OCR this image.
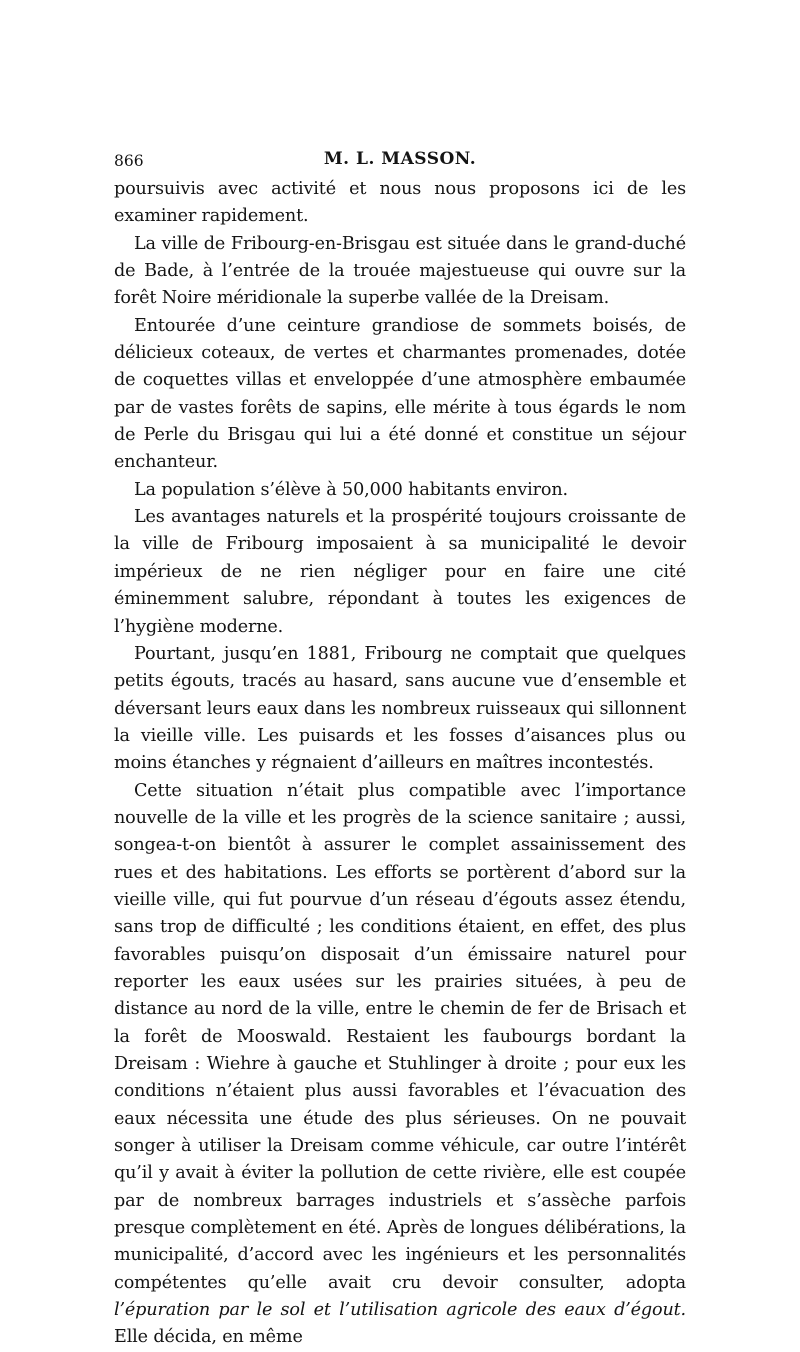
866	M. L. MASSON.

poursuivis avec activité et nous nous proposons ici de les examiner rapidement.

La ville de Fribourg-en-Brisgau est située dans le grand-duché de Bade, à l’entrée de la trouée majestueuse qui ouvre sur la forêt Noire méridionale la superbe vallée de la Dreisam.

Entourée d’une ceinture grandiose de sommets boisés, de délicieux coteaux, de vertes et charmantes promenades, dotée de coquettes villas et enveloppée d’une atmosphère embaumée par de vastes forêts de sapins, elle mérite à tous égards le nom de Perle du Brisgau qui lui a été donné et constitue un séjour enchanteur.

La population s’élève à 50,000 habitants environ.

Les avantages naturels et la prospérité toujours croissante de la ville de Fribourg imposaient à sa municipalité le devoir impérieux de ne rien négliger pour en faire une cité éminemment salubre, répondant à toutes les exigences de l’hygiène moderne.

Pourtant, jusqu’en 1881, Fribourg ne comptait que quelques petits égouts, tracés au hasard, sans aucune vue d’ensemble et déversant leurs eaux dans les nombreux ruisseaux qui sillonnent la vieille ville. Les puisards et les fosses d’aisances plus ou moins étanches y régnaient d’ailleurs en maîtres incontestés.

Cette situation n’était plus compatible avec l’importance nouvelle de la ville et les progrès de la science sanitaire ; aussi, songea-t-on bientôt à assurer le complet assainissement des rues et des habitations. Les efforts se portèrent d’abord sur la vieille ville, qui fut pourvue d’un réseau d’égouts assez étendu, sans trop de difficulté ; les conditions étaient, en effet, des plus favorables puisqu’on disposait d’un émissaire naturel pour reporter les eaux usées sur les prairies situées, à peu de distance au nord de la ville, entre le chemin de fer de Brisach et la forêt de Mooswald. Restaient les faubourgs bordant la Dreisam : Wiehre à gauche et Stuhlinger à droite ; pour eux les conditions n’étaient plus aussi favorables et l’évacuation des eaux nécessita une étude des plus sérieuses. On ne pouvait songer à utiliser la Dreisam comme véhicule, car outre l’intérêt qu’il y avait à éviter la pollution de cette rivière, elle est coupée par de nombreux barrages industriels et s’assèche parfois presque complètement en été. Après de longues délibérations, la municipalité, d’accord avec les ingénieurs et les personnalités compétentes qu’elle avait cru devoir consulter, adopta l’épuration par le sol et l’utilisation agricole des eaux d’égout. Elle décida, en même
